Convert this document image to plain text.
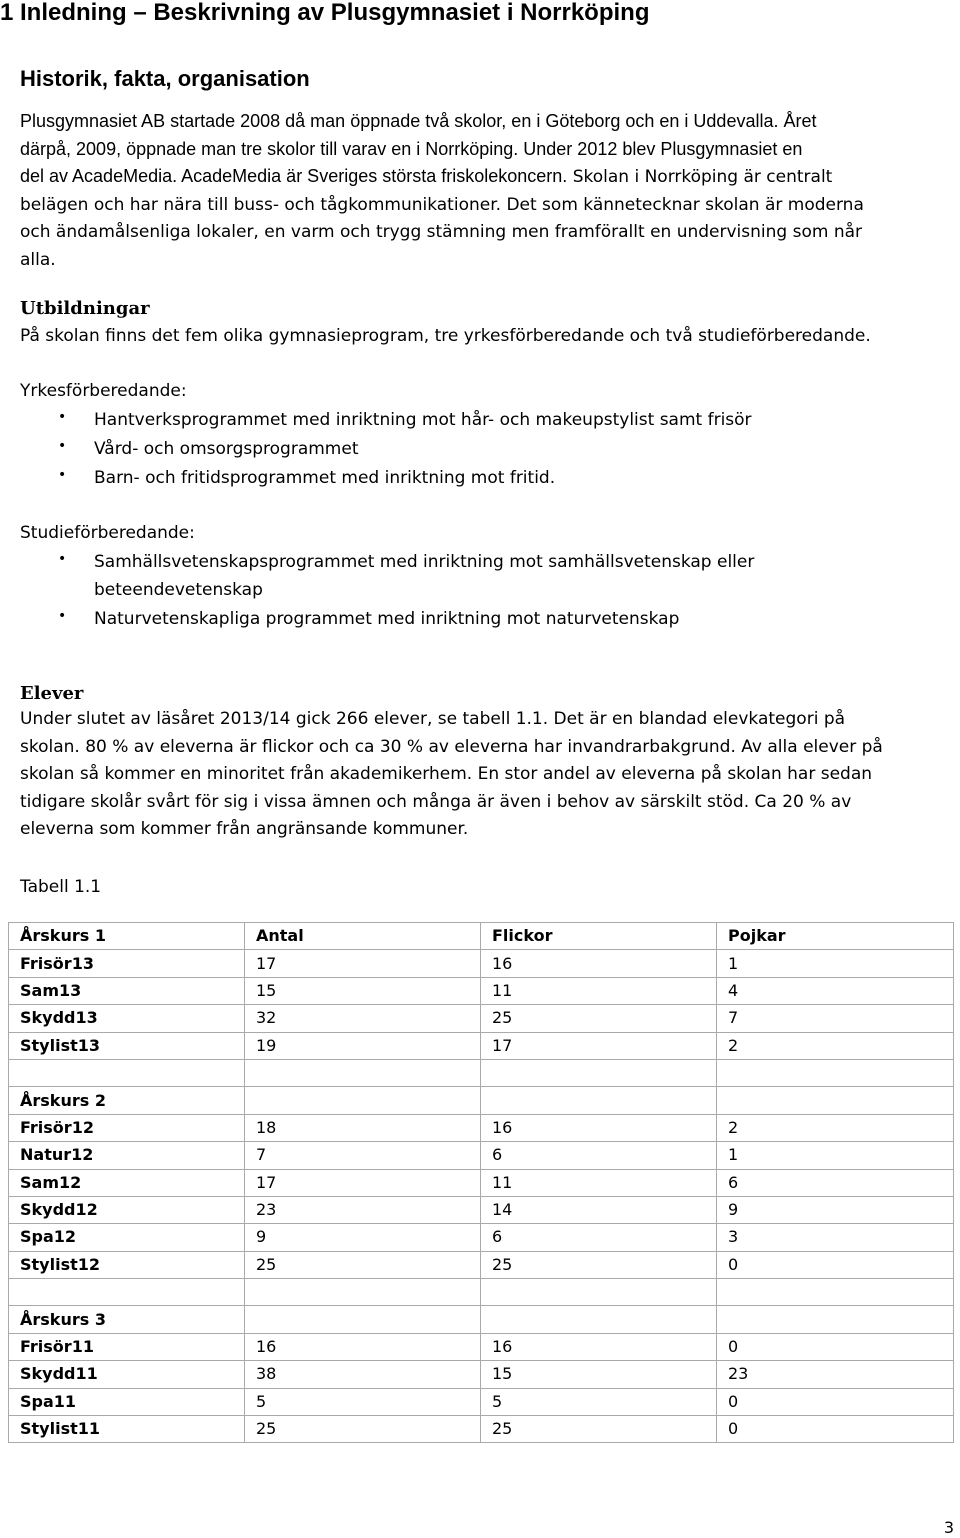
1 Inledning – Beskrivning av Plusgymnasiet i Norrköping
Historik, fakta, organisation
Plusgymnasiet AB startade 2008 då man öppnade två skolor, en i Göteborg och en i Uddevalla. Året
därpå, 2009, öppnade man tre skolor till varav en i Norrköping. Under 2012 blev Plusgymnasiet en
del av AcadeMedia. AcadeMedia är Sveriges största friskolekoncern. Skolan i Norrköping är centralt
belägen och har nära till buss- och tågkommunikationer. Det som kännetecknar skolan är moderna
och ändamålsenliga lokaler, en varm och trygg stämning men framförallt en undervisning som når
alla.
Utbildningar
På skolan finns det fem olika gymnasieprogram, tre yrkesförberedande och två studieförberedande.
Yrkesförberedande:
• Hantverksprogrammet med inriktning mot hår- och makeupstylist samt frisör
• Vård- och omsorgsprogrammet
• Barn- och fritidsprogrammet med inriktning mot fritid.
Studieförberedande:
• Samhällsvetenskapsprogrammet med inriktning mot samhällsvetenskap eller
beteendevetenskap
• Naturvetenskapliga programmet med inriktning mot naturvetenskap
Elever
Under slutet av läsåret 2013/14 gick 266 elever, se tabell 1.1. Det är en blandad elevkategori på
skolan. 80 % av eleverna är flickor och ca 30 % av eleverna har invandrarbakgrund. Av alla elever på
skolan så kommer en minoritet från akademikerhem. En stor andel av eleverna på skolan har sedan
tidigare skolår svårt för sig i vissa ämnen och många är även i behov av särskilt stöd. Ca 20 % av
eleverna som kommer från angränsande kommuner.
Tabell 1.1
Årskurs 1	Antal	Flickor	Pojkar
Frisör13	17	16	1
Sam13	15	11	4
Skydd13	32	25	7
Stylist13	19	17	2

Årskurs 2			
Frisör12	18	16	2
Natur12	7	6	1
Sam12	17	11	6
Skydd12	23	14	9
Spa12	9	6	3
Stylist12	25	25	0

Årskurs 3			
Frisör11	16	16	0
Skydd11	38	15	23
Spa11	5	5	0
Stylist11	25	25	0
3
